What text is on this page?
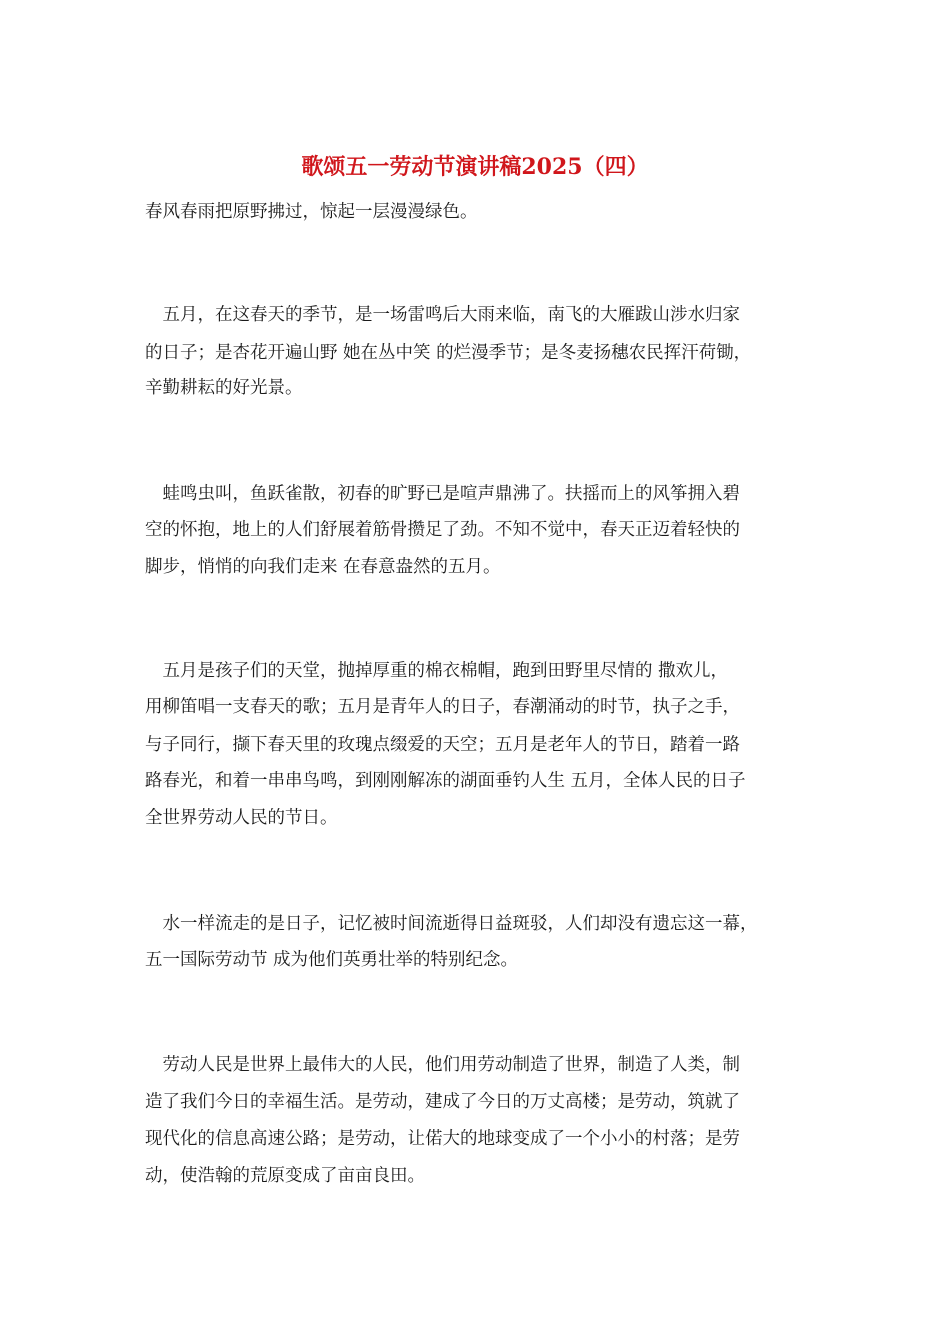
歌颂五一劳动节演讲稿2025（四）

春风春雨把原野拂过，惊起一层漫漫绿色。

　五月，在这春天的季节，是一场雷鸣后大雨来临，南飞的大雁跋山涉水归家

的日子；是杏花开遍山野 她在丛中笑 的烂漫季节；是冬麦扬穗农民挥汗荷锄，

辛勤耕耘的好光景。

　蛙鸣虫叫，鱼跃雀散，初春的旷野已是喧声鼎沸了。扶摇而上的风筝拥入碧

空的怀抱，地上的人们舒展着筋骨攒足了劲。不知不觉中，春天正迈着轻快的

脚步，悄悄的向我们走来 在春意盎然的五月。

　五月是孩子们的天堂，抛掉厚重的棉衣棉帽，跑到田野里尽情的 撒欢儿，

用柳笛唱一支春天的歌；五月是青年人的日子，春潮涌动的时节，执子之手，

与子同行，撷下春天里的玫瑰点缀爱的天空；五月是老年人的节日，踏着一路

路春光，和着一串串鸟鸣，到刚刚解冻的湖面垂钓人生 五月，全体人民的日子

全世界劳动人民的节日。

　水一样流走的是日子，记忆被时间流逝得日益斑驳，人们却没有遗忘这一幕，

五一国际劳动节 成为他们英勇壮举的特别纪念。

　劳动人民是世界上最伟大的人民，他们用劳动制造了世界，制造了人类，制

造了我们今日的幸福生活。是劳动，建成了今日的万丈高楼；是劳动，筑就了

现代化的信息高速公路；是劳动，让偌大的地球变成了一个小小的村落；是劳

动，使浩翰的荒原变成了亩亩良田。
